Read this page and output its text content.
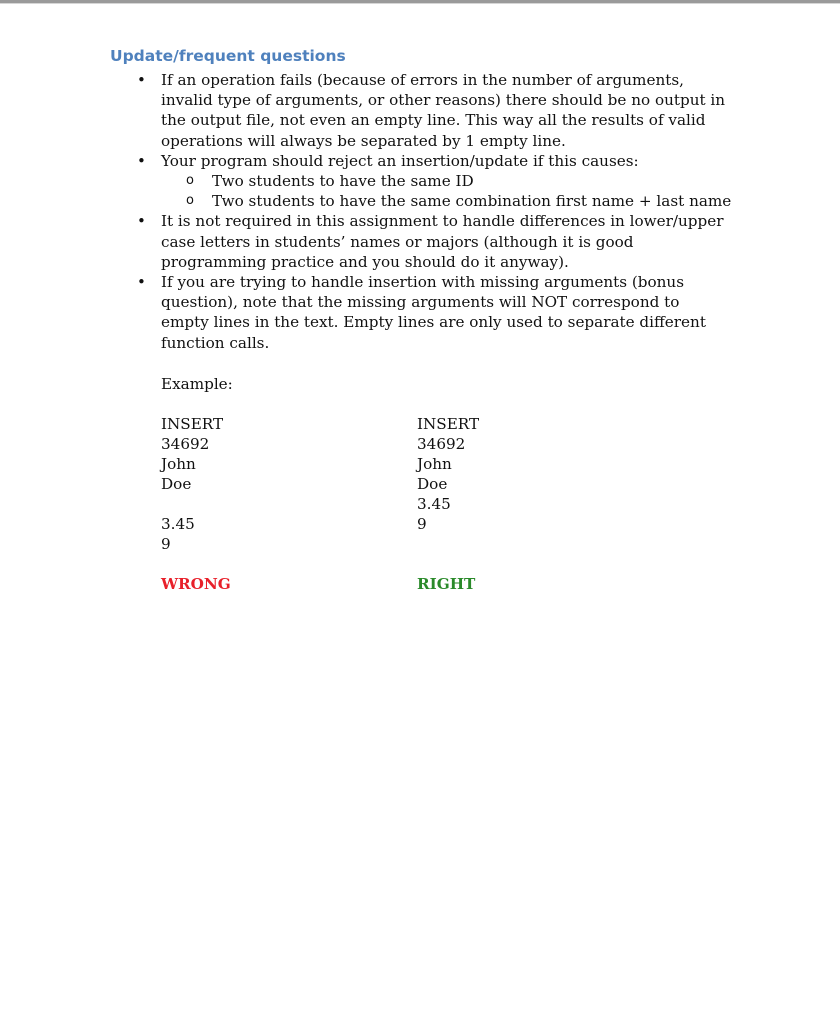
Update/frequent questions
• If an operation fails (because of errors in the number of arguments, invalid type of arguments, or other reasons) there should be no output in the output file, not even an empty line. This way all the results of valid operations will always be separated by 1 empty line.
• Your program should reject an insertion/update if this causes:
o Two students to have the same ID
o Two students to have the same combination first name + last name
• It is not required in this assignment to handle differences in lower/upper case letters in students’ names or majors (although it is good programming practice and you should do it anyway).
• If you are trying to handle insertion with missing arguments (bonus question), note that the missing arguments will NOT correspond to empty lines in the text. Empty lines are only used to separate different function calls.
Example:
INSERT
34692
John
Doe
3.45
9
INSERT
34692
John
Doe
3.45
9
WRONG	RIGHT
